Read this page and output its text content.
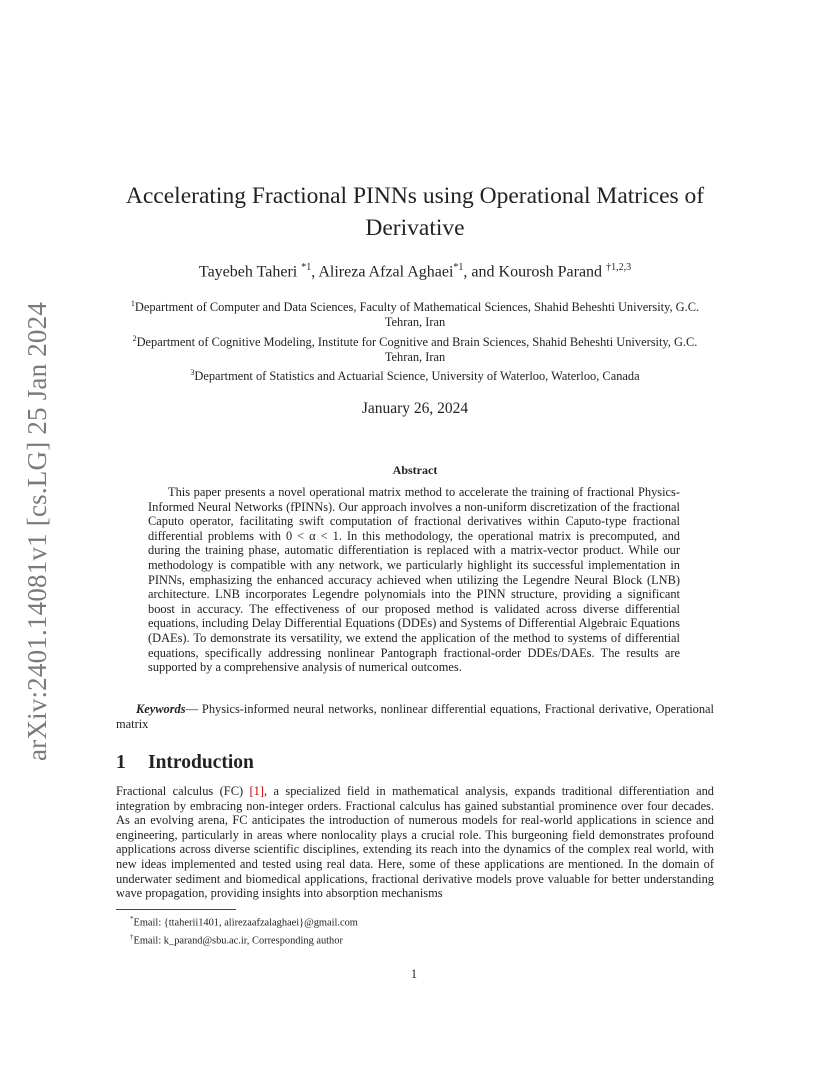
arXiv:2401.14081v1 [cs.LG] 25 Jan 2024
Accelerating Fractional PINNs using Operational Matrices of Derivative
Tayebeh Taheri $^{*1}$, Alireza Afzal Aghaei$^{*1}$, and Kourosh Parand $^{\dagger 1,2,3}$
$^1$Department of Computer and Data Sciences, Faculty of Mathematical Sciences, Shahid Beheshti University, G.C. Tehran, Iran
$^2$Department of Cognitive Modeling, Institute for Cognitive and Brain Sciences, Shahid Beheshti University, G.C. Tehran, Iran
$^3$Department of Statistics and Actuarial Science, University of Waterloo, Waterloo, Canada
January 26, 2024
Abstract

This paper presents a novel operational matrix method to accelerate the training of fractional Physics-Informed Neural Networks (fPINNs). Our approach involves a non-uniform discretization of the fractional Caputo operator, facilitating swift computation of fractional derivatives within Caputo-type fractional differential problems with 0 < α < 1. In this methodology, the operational matrix is precomputed, and during the training phase, automatic differentiation is replaced with a matrix-vector product. While our methodology is compatible with any network, we particularly highlight its successful implementation in PINNs, emphasizing the enhanced accuracy achieved when utilizing the Legendre Neural Block (LNB) architecture. LNB incorporates Legendre polynomials into the PINN structure, providing a significant boost in accuracy. The effectiveness of our proposed method is validated across diverse differential equations, including Delay Differential Equations (DDEs) and Systems of Differential Algebraic Equations (DAEs). To demonstrate its versatility, we extend the application of the method to systems of differential equations, specifically addressing nonlinear Pantograph fractional-order DDEs/DAEs. The results are supported by a comprehensive analysis of numerical outcomes.

Keywords— Physics-informed neural networks, nonlinear differential equations, Fractional derivative, Operational matrix

1 Introduction

Fractional calculus (FC) [1], a specialized field in mathematical analysis, expands traditional differentiation and integration by embracing non-integer orders. Fractional calculus has gained substantial prominence over four decades. As an evolving arena, FC anticipates the introduction of numerous models for real-world applications in science and engineering, particularly in areas where nonlocality plays a crucial role. This burgeoning field demonstrates profound applications across diverse scientific disciplines, extending its reach into the dynamics of the complex real world, with new ideas implemented and tested using real data. Here, some of these applications are mentioned. In the domain of underwater sediment and biomedical applications, fractional derivative models prove valuable for better understanding wave propagation, providing insights into absorption mechanisms

*Email: {ttaherii1401, alirezaafzalaghaei}@gmail.com
†Email: k_parand@sbu.ac.ir, Corresponding author
1
